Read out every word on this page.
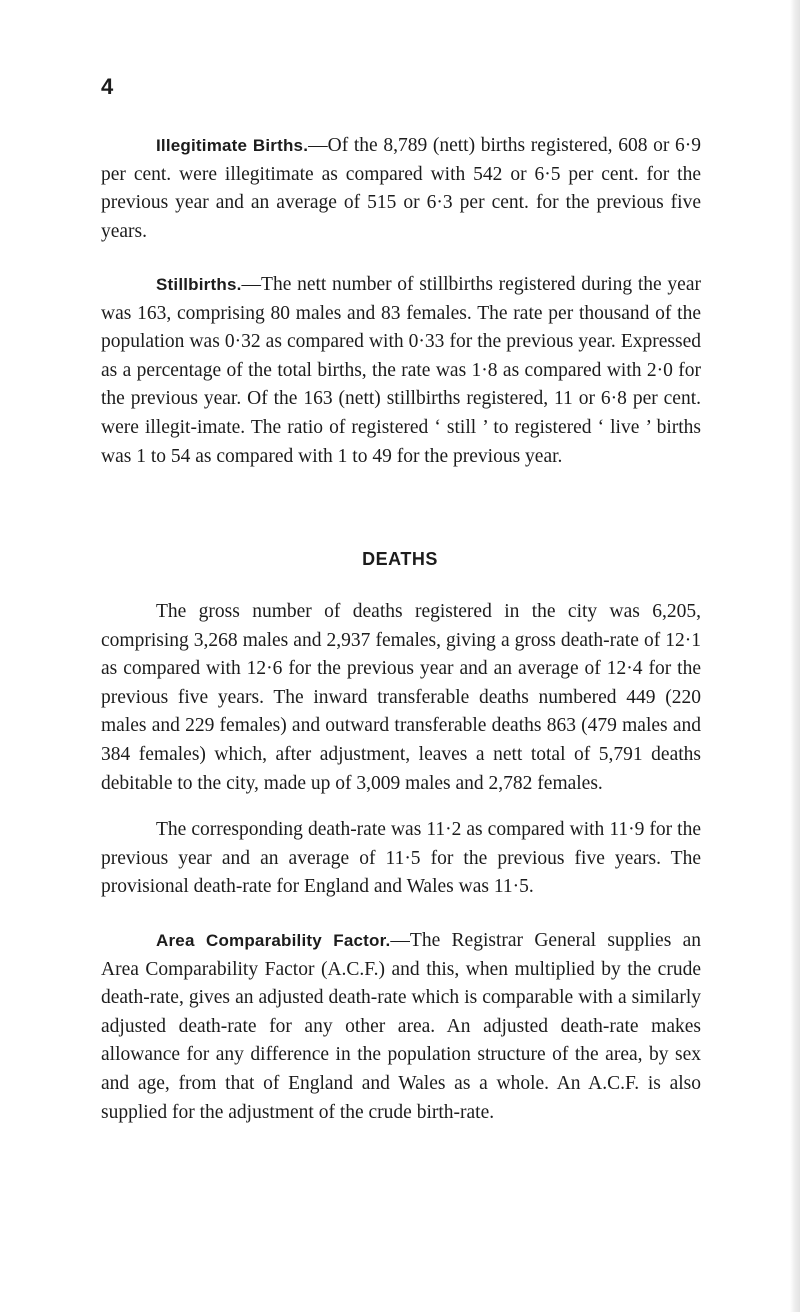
4

Illegitimate Births.—Of the 8,789 (nett) births registered, 608 or 6·9 per cent. were illegitimate as compared with 542 or 6·5 per cent. for the previous year and an average of 515 or 6·3 per cent. for the previous five years.

Stillbirths.—The nett number of stillbirths registered during the year was 163, comprising 80 males and 83 females. The rate per thousand of the population was 0·32 as compared with 0·33 for the previous year. Expressed as a percentage of the total births, the rate was 1·8 as compared with 2·0 for the previous year. Of the 163 (nett) stillbirths registered, 11 or 6·8 per cent. were illegit-imate. The ratio of registered ‘ still ’ to registered ‘ live ’ births was 1 to 54 as compared with 1 to 49 for the previous year.

DEATHS

The gross number of deaths registered in the city was 6,205, comprising 3,268 males and 2,937 females, giving a gross death-rate of 12·1 as compared with 12·6 for the previous year and an average of 12·4 for the previous five years. The inward transferable deaths numbered 449 (220 males and 229 females) and outward transferable deaths 863 (479 males and 384 females) which, after adjustment, leaves a nett total of 5,791 deaths debitable to the city, made up of 3,009 males and 2,782 females.

The corresponding death-rate was 11·2 as compared with 11·9 for the previous year and an average of 11·5 for the previous five years. The provisional death-rate for England and Wales was 11·5.

Area Comparability Factor.—The Registrar General supplies an Area Comparability Factor (A.C.F.) and this, when multiplied by the crude death-rate, gives an adjusted death-rate which is comparable with a similarly adjusted death-rate for any other area. An adjusted death-rate makes allowance for any difference in the population structure of the area, by sex and age, from that of England and Wales as a whole. An A.C.F. is also supplied for the adjustment of the crude birth-rate.
